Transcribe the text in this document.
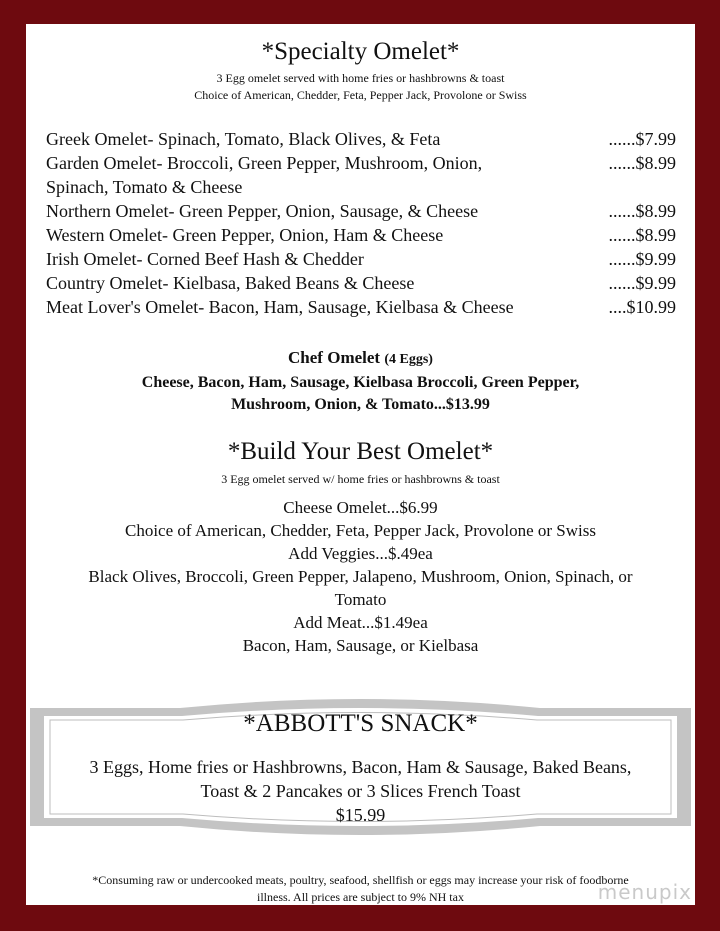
*Specialty Omelet*
3 Egg omelet served with home fries or hashbrowns & toast
Choice of American, Chedder, Feta, Pepper Jack, Provolone or Swiss
Greek Omelet- Spinach, Tomato, Black Olives, & Feta	......$7.99
Garden Omelet- Broccoli, Green Pepper, Mushroom, Onion,	......$8.99
Spinach, Tomato & Cheese
Northern Omelet- Green Pepper, Onion, Sausage, & Cheese	......$8.99
Western Omelet- Green Pepper, Onion, Ham & Cheese	......$8.99
Irish Omelet- Corned Beef Hash & Chedder	......$9.99
Country Omelet- Kielbasa, Baked Beans & Cheese	......$9.99
Meat Lover's Omelet- Bacon, Ham, Sausage, Kielbasa & Cheese	....$10.99
Chef Omelet (4 Eggs)
Cheese, Bacon, Ham, Sausage, Kielbasa Broccoli, Green Pepper,
Mushroom, Onion, & Tomato...$13.99
*Build Your Best Omelet*
3 Egg omelet served w/ home fries or hashbrowns & toast
Cheese Omelet...$6.99
Choice of American, Chedder, Feta, Pepper Jack, Provolone or Swiss
Add Veggies...$.49ea
Black Olives, Broccoli, Green Pepper, Jalapeno, Mushroom, Onion, Spinach, or
Tomato
Add Meat...$1.49ea
Bacon, Ham, Sausage, or Kielbasa
*ABBOTT'S SNACK*
3 Eggs, Home fries or Hashbrowns, Bacon, Ham & Sausage, Baked Beans,
Toast & 2 Pancakes or 3 Slices French Toast
$15.99
*Consuming raw or undercooked meats, poultry, seafood, shellfish or eggs may increase your risk of foodborne
illness. All prices are subject to 9% NH tax	menupix
